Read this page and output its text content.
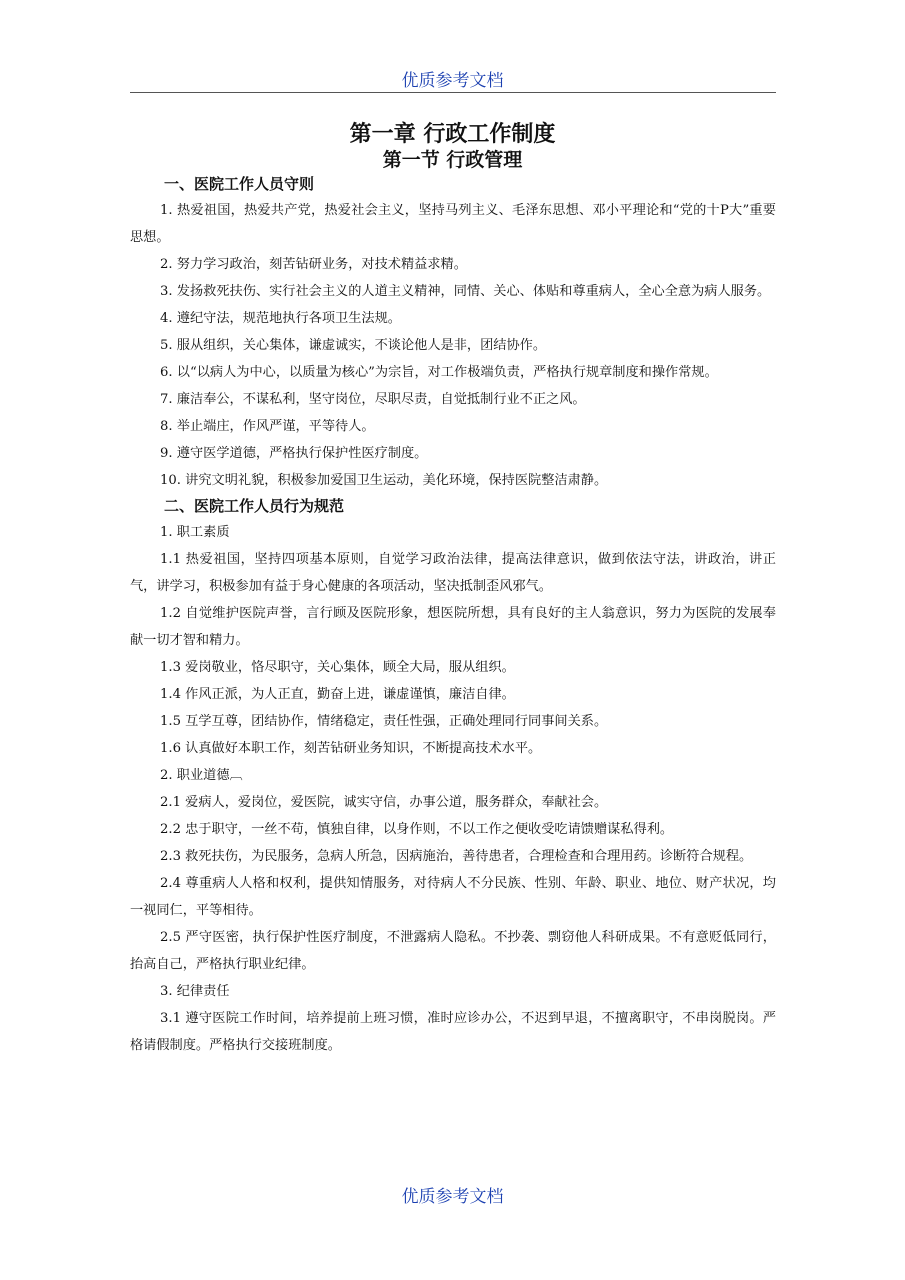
优质参考文档
第一章 行政工作制度
第一节 行政管理
一、医院工作人员守则
1. 热爱祖国，热爱共产党，热爱社会主义，坚持马列主义、毛泽东思想、邓小平理论和“党的十P大”重要思想。
2. 努力学习政治，刻苦钻研业务，对技术精益求精。
3. 发扬救死扶伤、实行社会主义的人道主义精神，同情、关心、体贴和尊重病人，全心全意为病人服务。
4. 遵纪守法，规范地执行各项卫生法规。
5. 服从组织，关心集体，谦虚诚实，不谈论他人是非，团结协作。
6. 以“以病人为中心，以质量为核心”为宗旨，对工作极端负责，严格执行规章制度和操作常规。
7. 廉洁奉公，不谋私利，坚守岗位，尽职尽责，自觉抵制行业不正之风。
8. 举止端庄，作风严谨，平等待人。
9. 遵守医学道德，严格执行保护性医疗制度。
10. 讲究文明礼貌，积极参加爱国卫生运动，美化环境，保持医院整洁肃静。
二、医院工作人员行为规范
1. 职工素质
1.1 热爱祖国，坚持四项基本原则，自觉学习政治法律，提高法律意识，做到依法守法，讲政治，讲正气，讲学习，积极参加有益于身心健康的各项活动，坚决抵制歪风邪气。
1.2 自觉维护医院声誉，言行顾及医院形象，想医院所想，具有良好的主人翁意识，努力为医院的发展奉献一切才智和精力。
1.3 爱岗敬业，恪尽职守，关心集体，顾全大局，服从组织。
1.4 作风正派，为人正直，勤奋上进，谦虚谨慎，廉洁自律。
1.5 互学互尊，团结协作，情绪稳定，责任性强，正确处理同行同事间关系。
1.6 认真做好本职工作，刻苦钻研业务知识，不断提高技术水平。
2. 职业道德︹
2.1 爱病人，爱岗位，爱医院，诚实守信，办事公道，服务群众，奉献社会。
2.2 忠于职守，一丝不苟，慎独自律，以身作则，不以工作之便收受吃请馈赠谋私得利。
2.3 救死扶伤，为民服务，急病人所急，因病施治，善待患者，合理检查和合理用药。诊断符合规程。
2.4 尊重病人人格和权利，提供知情服务，对待病人不分民族、性别、年龄、职业、地位、财产状况，均一视同仁，平等相待。
2.5 严守医密，执行保护性医疗制度，不泄露病人隐私。不抄袭、剽窃他人科研成果。不有意贬低同行，抬高自己，严格执行职业纪律。
3. 纪律责任
3.1 遵守医院工作时间，培养提前上班习惯，准时应诊办公，不迟到早退，不擅离职守，不串岗脱岗。严格请假制度。严格执行交接班制度。
优质参考文档
